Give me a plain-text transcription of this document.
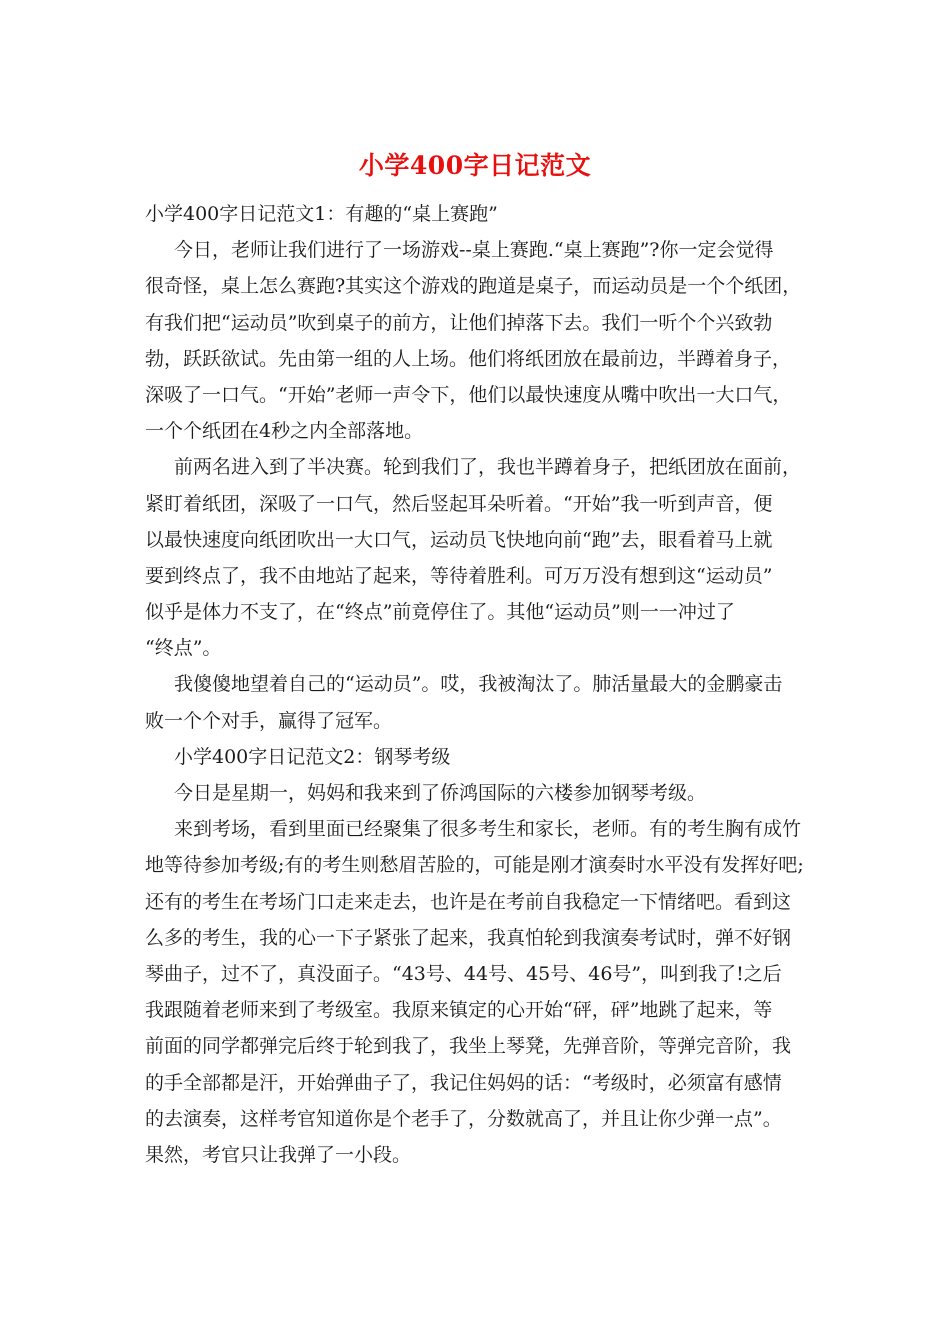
小学400字日记范文
小学400字日记范文1：有趣的“桌上赛跑”
今日，老师让我们进行了一场游戏--桌上赛跑.“桌上赛跑”?你一定会觉得
很奇怪，桌上怎么赛跑?其实这个游戏的跑道是桌子，而运动员是一个个纸团，
有我们把“运动员”吹到桌子的前方，让他们掉落下去。我们一听个个兴致勃
勃，跃跃欲试。先由第一组的人上场。他们将纸团放在最前边，半蹲着身子，
深吸了一口气。“开始”老师一声令下，他们以最快速度从嘴中吹出一大口气，
一个个纸团在4秒之内全部落地。
前两名进入到了半决赛。轮到我们了，我也半蹲着身子，把纸团放在面前，
紧盯着纸团，深吸了一口气，然后竖起耳朵听着。“开始”我一听到声音，便
以最快速度向纸团吹出一大口气，运动员飞快地向前“跑”去，眼看着马上就
要到终点了，我不由地站了起来，等待着胜利。可万万没有想到这“运动员”
似乎是体力不支了，在“终点”前竟停住了。其他“运动员”则一一冲过了
“终点”。
我傻傻地望着自己的“运动员”。哎，我被淘汰了。肺活量最大的金鹏豪击
败一个个对手，赢得了冠军。
小学400字日记范文2：钢琴考级
今日是星期一，妈妈和我来到了侨鸿国际的六楼参加钢琴考级。
来到考场，看到里面已经聚集了很多考生和家长，老师。有的考生胸有成竹
地等待参加考级;有的考生则愁眉苦脸的，可能是刚才演奏时水平没有发挥好吧;
还有的考生在考场门口走来走去，也许是在考前自我稳定一下情绪吧。看到这
么多的考生，我的心一下子紧张了起来，我真怕轮到我演奏考试时，弹不好钢
琴曲子，过不了，真没面子。“43号、44号、45号、46号”，叫到我了!之后
我跟随着老师来到了考级室。我原来镇定的心开始“砰，砰”地跳了起来，等
前面的同学都弹完后终于轮到我了，我坐上琴凳，先弹音阶，等弹完音阶，我
的手全部都是汗，开始弹曲子了，我记住妈妈的话：“考级时，必须富有感情
的去演奏，这样考官知道你是个老手了，分数就高了，并且让你少弹一点”。
果然，考官只让我弹了一小段。
